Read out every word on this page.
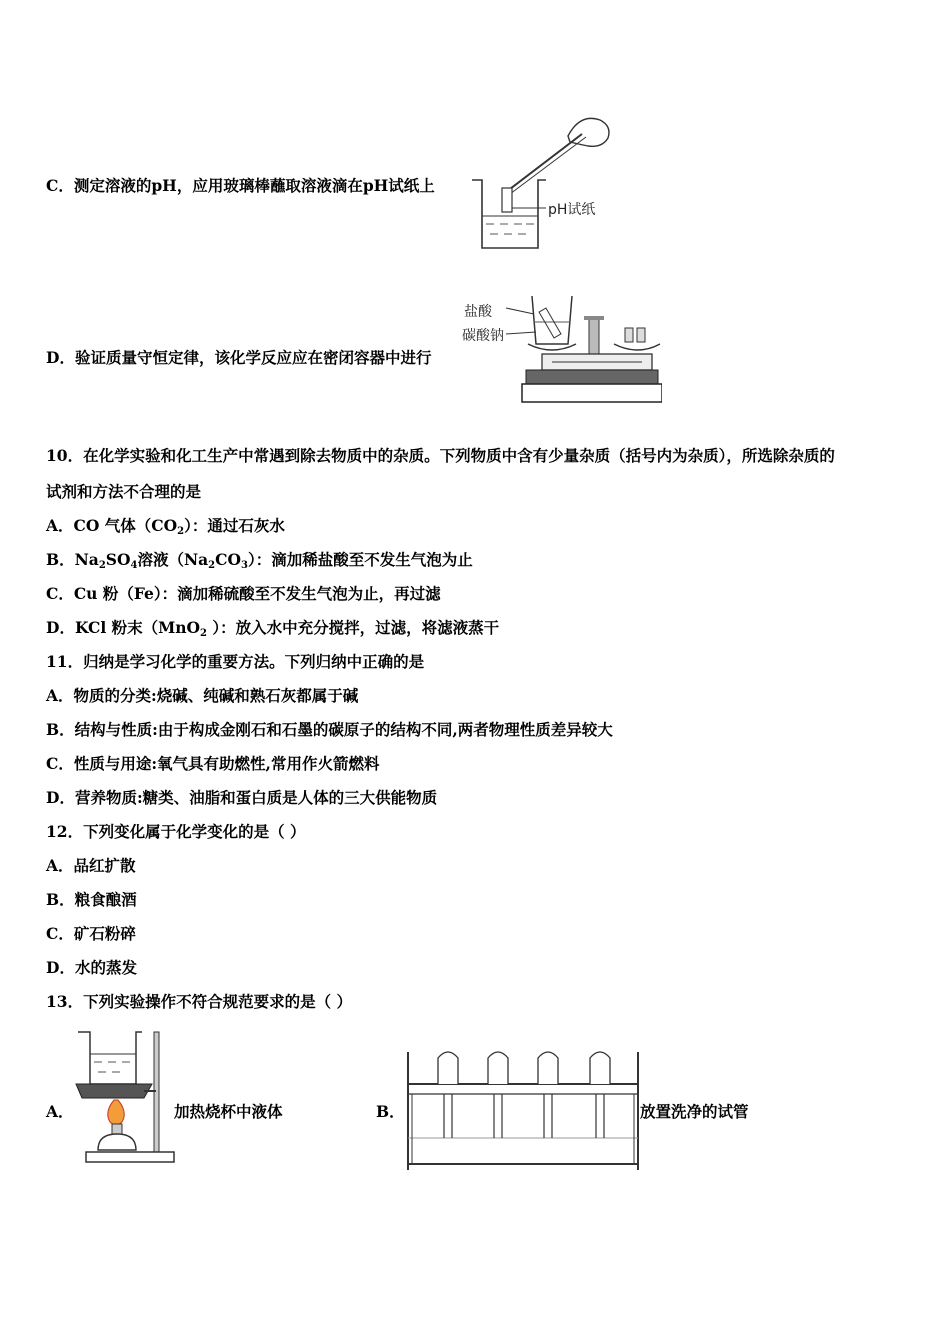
C．测定溶液的pH，应用玻璃棒蘸取溶液滴在pH试纸上
pH试纸
D．验证质量守恒定律，该化学反应应在密闭容器中进行
盐酸
碳酸钠
10．在化学实验和化工生产中常遇到除去物质中的杂质。下列物质中含有少量杂质（括号内为杂质），所选除杂质的
试剂和方法不合理的是
A．CO 气体$(CO_2)$：通过石灰水
B．$Na_2SO_4$溶液$(Na_2CO_3)$：滴加稀盐酸至不发生气泡为止
C．Cu 粉（Fe）：滴加稀硫酸至不发生气泡为止，再过滤
D．KCl 粉末（MnO$_2$ ）：放入水中充分搅拌，过滤，将滤液蒸干
11．归纳是学习化学的重要方法。下列归纳中正确的是
A．物质的分类:烧碱、纯碱和熟石灰都属于碱
B．结构与性质:由于构成金刚石和石墨的碳原子的结构不同,两者物理性质差异较大
C．性质与用途:氧气具有助燃性,常用作火箭燃料
D．营养物质:糖类、油脂和蛋白质是人体的三大供能物质
12．下列变化属于化学变化的是（ ）
A．品红扩散
B．粮食酿酒
C．矿石粉碎
D．水的蒸发
13．下列实验操作不符合规范要求的是（ ）
A．	加热烧杯中液体	B．	放置洗净的试管
